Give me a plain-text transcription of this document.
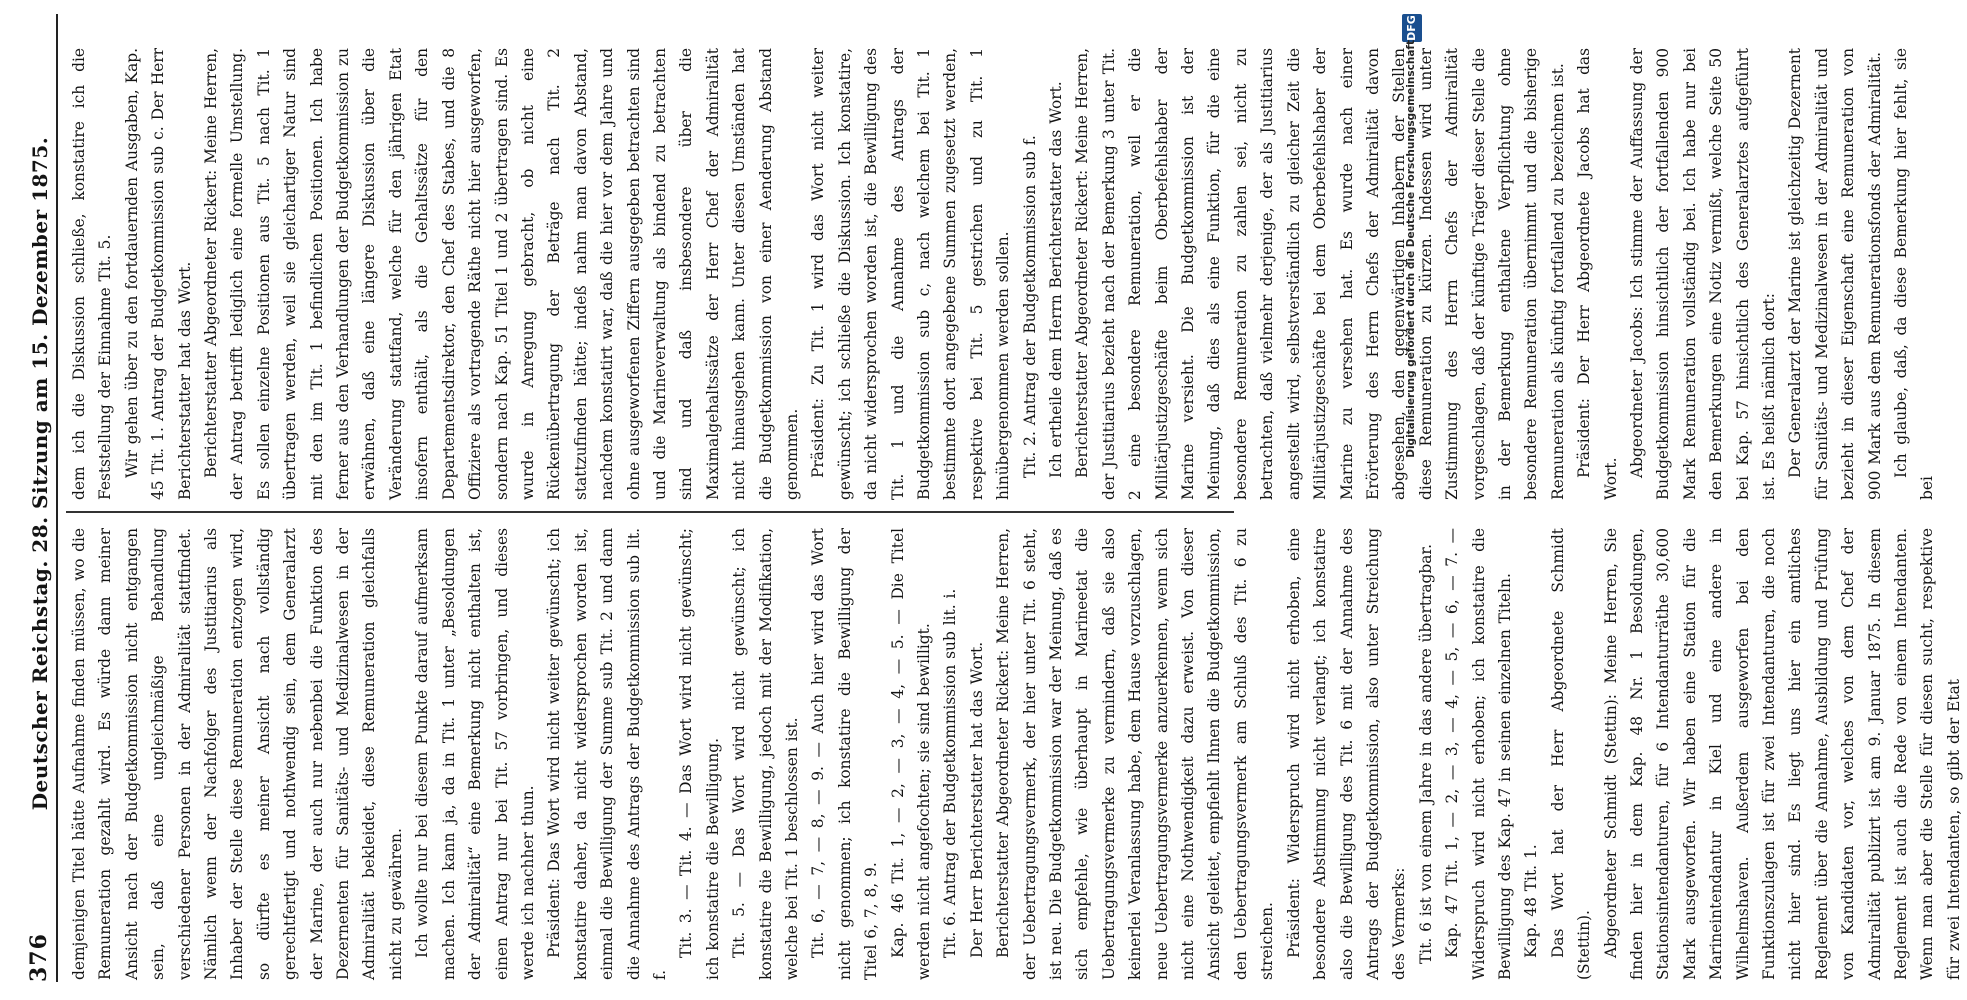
376
Deutscher Reichstag. 28. Sitzung am 15. Dezember 1875. dem ich die Diskussion schließe, konstatire ich die Feststellung der Einnahme Tit. 5. Wir gehen über zu den fortdauernden Ausgaben, Kap. 45 Tit. 1. Antrag der Budgetkommission sub c. Der Herr Berichterstatter hat das Wort. Berichterstatter Abgeordneter Rickert: Meine Herren, der Antrag betrifft lediglich eine formelle Umstellung. Es sollen einzelne Positionen aus Tit. 5 nach Tit. 1 übertragen werden, weil sie gleichartiger Natur sind mit den im Tit. 1 befindlichen Positionen. Ich habe ferner aus den Verhandlungen der Budgetkommission zu erwähnen, daß eine längere Diskussion über die Veränderung stattfand, welche für den jährigen Etat insofern enthält, als die Gehaltssätze für den Departementsdirektor, den Chef des Stabes, und die 8 Offiziere als vortragende Räthe nicht hier ausgeworfen, sondern nach Kap. 51 Titel 1 und 2 übertragen sind. Es wurde in Anregung gebracht, ob nicht eine Rückenübertragung der Beträge nach Tit. 2 stattzufinden hätte; indeß nahm man davon Abstand, nachdem konstatirt war, daß die hier vor dem Jahre und ohne ausgeworfenen Ziffern ausgegeben betrachten sind und die Marineverwaltung als bindend zu betrachten sind und daß insbesondere über die Maximalgehaltssätze der Herr Chef der Admiralität nicht hinausgehen kann. Unter diesen Umständen hat die Budgetkommission von einer Aenderung Abstand genommen. Präsident: Zu Tit. 1 wird das Wort nicht weiter gewünscht; ich schließe die Diskussion. Ich konstatire, da nicht widersprochen worden ist, die Bewilligung des Tit. 1 und die Annahme des Antrags der Budgetkommission sub c, nach welchem bei Tit. 1 bestimmte dort angegebene Summen zugesetzt werden, respektive bei Tit. 5 gestrichen und zu Tit. 1 hinübergenommen werden sollen. Tit. 2. Antrag der Budgetkommission sub f. Ich ertheile dem Herrn Berichterstatter das Wort. Berichterstatter Abgeordneter Rickert: Meine Herren, der Justitiarius bezieht nach der Bemerkung 3 unter Tit. 2 eine besondere Remuneration, weil er die Militärjustizgeschäfte beim Oberbefehlshaber der Marine versieht. Die Budgetkommission ist der Meinung, daß dies als eine Funktion, für die eine besondere Remuneration zu zahlen sei, nicht zu betrachten, daß vielmehr derjenige, der als Justitiarius angestellt wird, selbstverständlich zu gleicher Zeit die Militärjustizgeschäfte bei dem Oberbefehlshaber der Marine zu versehen hat. Es wurde nach einer Erörterung des Herrn Chefs der Admiralität davon abgesehen, den gegenwärtigen Inhabern der Stellen diese Remuneration zu kürzen. Indessen wird unter Zustimmung des Herrn Chefs der Admiralität vorgeschlagen, daß der künftige Träger dieser Stelle die in der Bemerkung enthaltene Verpflichtung ohne besondere Remuneration übernimmt und die bisherige Remuneration als künftig fortfallend zu bezeichnen ist. Präsident: Der Herr Abgeordnete Jacobs hat das Wort.

Abgeordneter Jacobs: Ich stimme der Auffassung der Budgetkommission hinsichtlich der fortfallenden 900 Mark Remuneration vollständig bei. Ich habe nur bei den Bemerkungen eine Notiz vermißt, welche Seite 50 bei Kap. 57 hinsichtlich des Generalarztes aufgeführt ist. Es heißt nämlich dort: Der Generalarzt der Marine ist gleichzeitig Dezernent für Sanitäts- und Medizinalwesen in der Admiralität und bezieht in dieser Eigenschaft eine Remuneration von 900 Mark aus dem Remunerationsfonds der Admiralität. Ich glaube, daß, da diese Bemerkung hier fehlt, sie bei

demjenigen Titel hätte Aufnahme finden müssen, wo die Remuneration gezahlt wird. Es würde dann meiner Ansicht nach der Budgetkommission nicht entgangen sein, daß eine ungleichmäßige Behandlung verschiedener Personen in der Admiralität stattfindet. Nämlich wenn der Nachfolger des Justitiarius als Inhaber der Stelle diese Remuneration entzogen wird, so dürfte es meiner Ansicht nach vollständig gerechtfertigt und nothwendig sein, dem Generalarzt der Marine, der auch nur nebenbei die Funktion des Dezernenten für Sanitäts- und Medizinalwesen in der Admiralität bekleidet, diese Remuneration gleichfalls nicht zu gewähren. Ich wollte nur bei diesem Punkte darauf aufmerksam machen. Ich kann ja, da in Tit. 1 unter „Besoldungen der Admiralität“ eine Bemerkung nicht enthalten ist, einen Antrag nur bei Tit. 57 vorbringen, und dieses werde ich nachher thun. Präsident: Das Wort wird nicht weiter gewünscht; ich konstatire daher, da nicht widersprochen worden ist, einmal die Bewilligung der Summe sub Tit. 2 und dann die Annahme des Antrags der Budgetkommission sub lit. f.

Tit. 3. — Tit. 4. — Das Wort wird nicht gewünscht; ich konstatire die Bewilligung. Tit. 5. — Das Wort wird nicht gewünscht; ich konstatire die Bewilligung, jedoch mit der Modifikation, welche bei Tit. 1 beschlossen ist. Tit. 6, — 7, — 8, — 9. — Auch hier wird das Wort nicht genommen; ich konstatire die Bewilligung der Titel 6, 7, 8, 9. Kap. 46 Tit. 1, — 2, — 3, — 4, — 5. — Die Titel werden nicht angefochten; sie sind bewilligt. Tit. 6. Antrag der Budgetkommission sub lit. i. Der Herr Berichterstatter hat das Wort. Berichterstatter Abgeordneter Rickert: Meine Herren, der Uebertragungsvermerk, der hier unter Tit. 6 steht, ist neu. Die Budgetkommission war der Meinung, daß es sich empfehle, wie überhaupt in Marineetat die Uebertragungsvermerke zu vermindern, daß sie also keinerlei Veranlassung habe, dem Hause vorzuschlagen, neue Uebertragungsvermerke anzuerkennen, wenn sich nicht eine Nothwendigkeit dazu erweist. Von dieser Ansicht geleitet, empfiehlt Ihnen die Budgetkommission, den Uebertragungsvermerk am Schluß des Tit. 6 zu streichen. Präsident: Widerspruch wird nicht erhoben, eine besondere Abstimmung nicht verlangt; ich konstatire also die Bewilligung des Tit. 6 mit der Annahme des Antrags der Budgetkommission, also unter Streichung des Vermerks: Tit. 6 ist von einem Jahre in das andere übertragbar. Kap. 47 Tit. 1, — 2, — 3, — 4, — 5, — 6, — 7. — Widerspruch wird nicht erhoben; ich konstatire die Bewilligung des Kap. 47 in seinen einzelnen Titeln. Kap. 48 Tit. 1. Das Wort hat der Herr Abgeordnete Schmidt (Stettin). Abgeordneter Schmidt (Stettin): Meine Herren, Sie finden hier in dem Kap. 48 Nr. 1 Besoldungen, Stationsintendanturen, für 6 Intendanturräthe 30,600 Mark ausgeworfen. Wir haben eine Station für die Marineintendantur in Kiel und eine andere in Wilhelmshaven. Außerdem ausgeworfen bei den Funktionszulagen ist für zwei Intendanturen, die noch nicht hier sind. Es liegt uns hier ein amtliches Reglement über die Annahme, Ausbildung und Prüfung von Kandidaten vor, welches von dem Chef der Admiralität publizirt ist am 9. Januar 1875. In diesem Reglement ist auch die Rede von einem Intendanten. Wenn man aber die Stelle für diesen sucht, respektive für zwei Intendanten, so gibt der Etat

DFG
Digitalisierung gefördert durch die Deutsche Forschungsgemeinschaft
